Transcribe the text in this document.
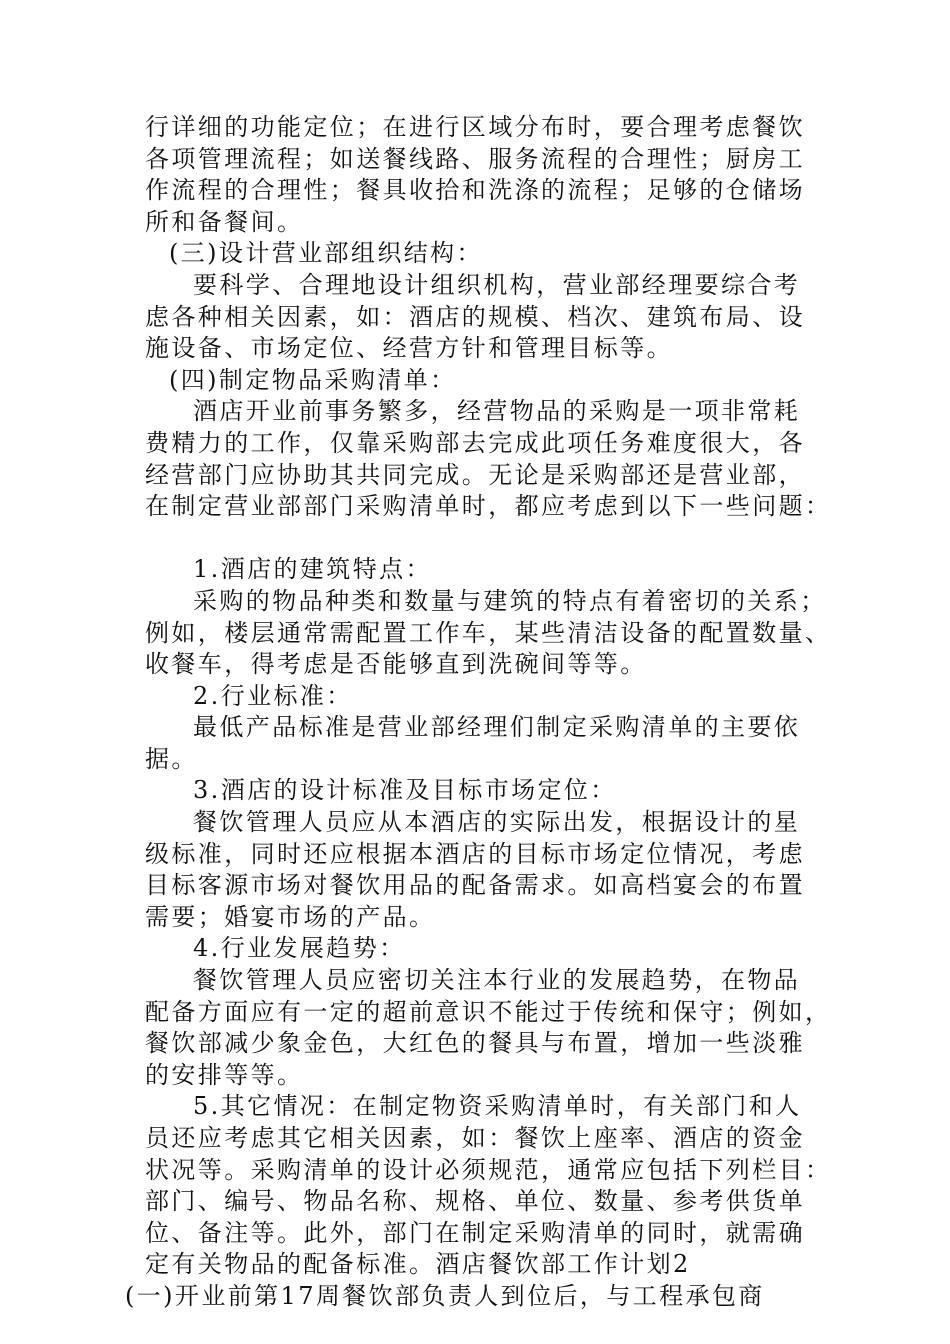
行详细的功能定位；在进行区域分布时，要合理考虑餐饮
各项管理流程；如送餐线路、服务流程的合理性；厨房工
作流程的合理性；餐具收拾和洗涤的流程；足够的仓储场
所和备餐间。
(三)设计营业部组织结构：
要科学、合理地设计组织机构，营业部经理要综合考
虑各种相关因素，如：酒店的规模、档次、建筑布局、设
施设备、市场定位、经营方针和管理目标等。
(四)制定物品采购清单：
酒店开业前事务繁多，经营物品的采购是一项非常耗
费精力的工作，仅靠采购部去完成此项任务难度很大，各
经营部门应协助其共同完成。无论是采购部还是营业部，
在制定营业部部门采购清单时，都应考虑到以下一些问题：
1.酒店的建筑特点：
采购的物品种类和数量与建筑的特点有着密切的关系；
例如，楼层通常需配置工作车，某些清洁设备的配置数量、
收餐车，得考虑是否能够直到洗碗间等等。
2.行业标准：
最低产品标准是营业部经理们制定采购清单的主要依
据。
3.酒店的设计标准及目标市场定位：
餐饮管理人员应从本酒店的实际出发，根据设计的星
级标准，同时还应根据本酒店的目标市场定位情况，考虑
目标客源市场对餐饮用品的配备需求。如高档宴会的布置
需要；婚宴市场的产品。
4.行业发展趋势：
餐饮管理人员应密切关注本行业的发展趋势，在物品
配备方面应有一定的超前意识不能过于传统和保守；例如，
餐饮部减少象金色，大红色的餐具与布置，增加一些淡雅
的安排等等。
5.其它情况：在制定物资采购清单时，有关部门和人
员还应考虑其它相关因素，如：餐饮上座率、酒店的资金
状况等。采购清单的设计必须规范，通常应包括下列栏目：
部门、编号、物品名称、规格、单位、数量、参考供货单
位、备注等。此外，部门在制定采购清单的同时，就需确
定有关物品的配备标准。酒店餐饮部工作计划2
(一)开业前第17周餐饮部负责人到位后，与工程承包商
